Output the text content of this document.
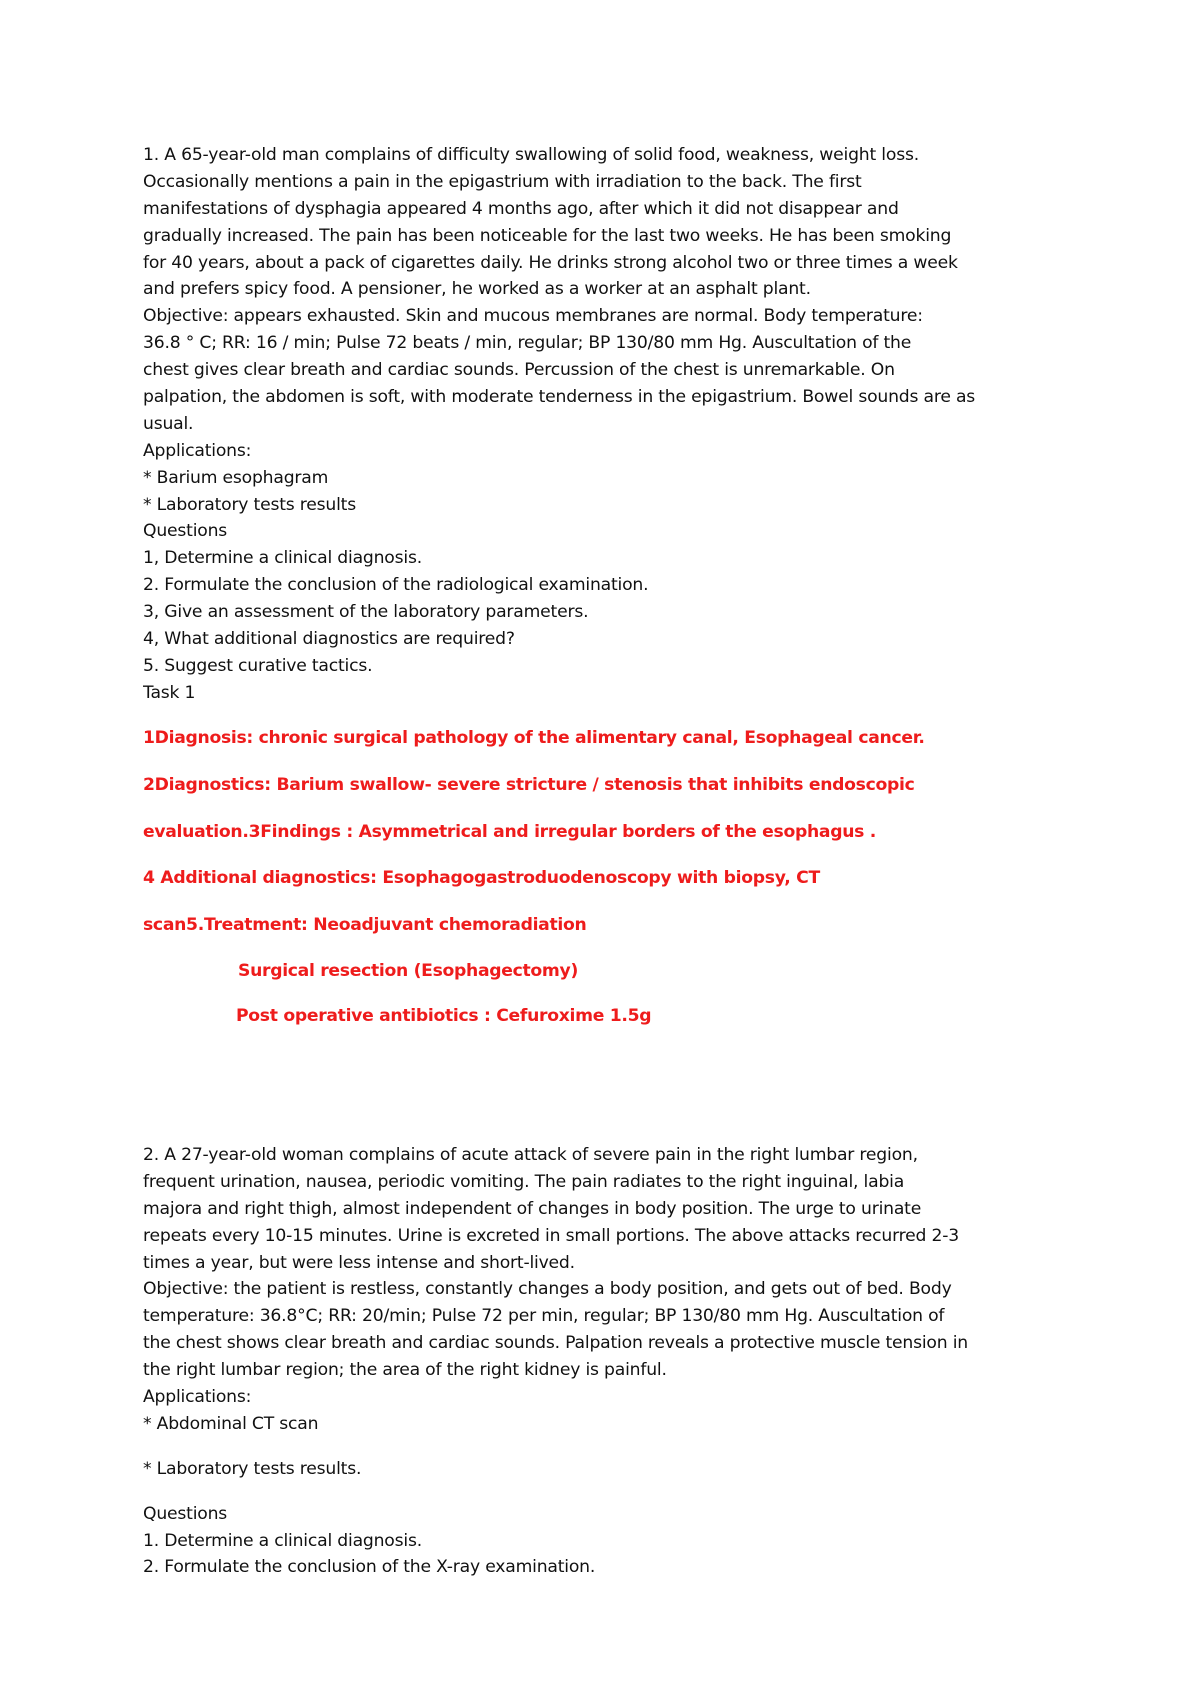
1. A 65-year-old man complains of difficulty swallowing of solid food, weakness, weight loss.
Occasionally mentions a pain in the epigastrium with irradiation to the back. The first
manifestations of dysphagia appeared 4 months ago, after which it did not disappear and
gradually increased. The pain has been noticeable for the last two weeks. He has been smoking
for 40 years, about a pack of cigarettes daily. He drinks strong alcohol two or three times a week
and prefers spicy food. A pensioner, he worked as a worker at an asphalt plant.
Objective: appears exhausted. Skin and mucous membranes are normal. Body temperature:
36.8 ° C; RR: 16 / min; Pulse 72 beats / min, regular; BP 130/80 mm Hg. Auscultation of the
chest gives clear breath and cardiac sounds. Percussion of the chest is unremarkable. On
palpation, the abdomen is soft, with moderate tenderness in the epigastrium. Bowel sounds are as
usual.
Applications:
* Barium esophagram
* Laboratory tests results
Questions
1, Determine a clinical diagnosis.
2. Formulate the conclusion of the radiological examination.
3, Give an assessment of the laboratory parameters.
4, What additional diagnostics are required?
5. Suggest curative tactics.
Task 1
1Diagnosis: chronic surgical pathology of the alimentary canal, Esophageal cancer.
2Diagnostics: Barium swallow- severe stricture / stenosis that inhibits endoscopic
evaluation.3Findings : Asymmetrical and irregular borders of the esophagus .
4 Additional diagnostics: Esophagogastroduodenoscopy with biopsy, CT
scan5.Treatment: Neoadjuvant chemoradiation
Surgical resection (Esophagectomy)
Post operative antibiotics : Cefuroxime 1.5g
2. A 27-year-old woman complains of acute attack of severe pain in the right lumbar region,
frequent urination, nausea, periodic vomiting. The pain radiates to the right inguinal, labia
majora and right thigh, almost independent of changes in body position. The urge to urinate
repeats every 10-15 minutes. Urine is excreted in small portions. The above attacks recurred 2-3
times a year, but were less intense and short-lived.
Objective: the patient is restless, constantly changes a body position, and gets out of bed. Body
temperature: 36.8°C; RR: 20/min; Pulse 72 per min, regular; BP 130/80 mm Hg. Auscultation of
the chest shows clear breath and cardiac sounds. Palpation reveals a protective muscle tension in
the right lumbar region; the area of the right kidney is painful.
Applications:
* Abdominal CT scan
* Laboratory tests results.
Questions
1. Determine a clinical diagnosis.
2. Formulate the conclusion of the X-ray examination.
